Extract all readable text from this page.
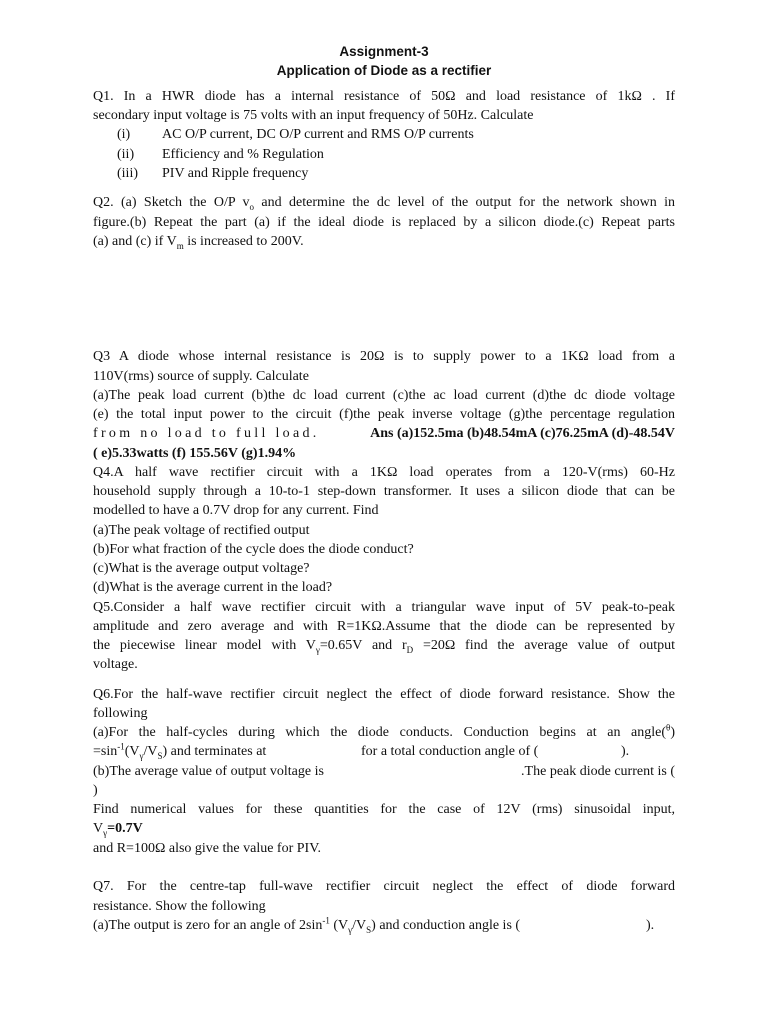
Assignment-3
Application of Diode as a rectifier
Q1. In a HWR diode has a internal resistance of 50Ω and load resistance of 1kΩ . If
secondary input voltage is 75 volts with an input frequency of 50Hz. Calculate
(i) AC O/P current, DC O/P current and RMS O/P currents
(ii) Efficiency and % Regulation
(iii) PIV and Ripple frequency
Q2. (a) Sketch the O/P $v_o$ and determine the dc level of the output for the network shown in
figure.(b) Repeat the part (a) if the ideal diode is replaced by a silicon diode.(c) Repeat parts
(a) and (c) if $V_m$ is increased to 200V.
Q3 A diode whose internal resistance is 20Ω is to supply power to a 1KΩ load from a
110V(rms) source of supply. Calculate
(a)The peak load current (b)the dc load current (c)the ac load current (d)the dc diode voltage
(e) the total input power to the circuit (f)the peak inverse voltage (g)the percentage regulation
from no load to full load.	Ans (a)152.5ma (b)48.54mA (c)76.25mA (d)-48.54V
( e)5.33watts (f) 155.56V (g)1.94%
Q4.A half wave rectifier circuit with a 1KΩ load operates from a 120-V(rms) 60-Hz
household supply through a 10-to-1 step-down transformer. It uses a silicon diode that can be
modelled to have a 0.7V drop for any current. Find
(a)The peak voltage of rectified output
(b)For what fraction of the cycle does the diode conduct?
(c)What is the average output voltage?
(d)What is the average current in the load?
Q5.Consider a half wave rectifier circuit with a triangular wave input of 5V peak-to-peak
amplitude and zero average and with R=1KΩ.Assume that the diode can be represented by
the piecewise linear model with $V_\gamma=0.65V$ and $r_D =20\Omega$ find the average value of output
voltage.
Q6.For the half-wave rectifier circuit neglect the effect of diode forward resistance. Show the
following
(a)For the half-cycles during which the diode conducts. Conduction begins at an angle($^\theta$)
$=\sin^{-1}(V_\gamma/V_S)$ and terminates at	for a total conduction angle of (	).
(b)The average value of output voltage is	.The peak diode current is (
)
Find numerical values for these quantities for the case of 12V (rms) sinusoidal input,
$V_\gamma=0.7V$
and R=100Ω also give the value for PIV.
Q7. For the centre-tap full-wave rectifier circuit neglect the effect of diode forward
resistance. Show the following
(a)The output is zero for an angle of $2\sin^{-1}$ $(V_\gamma/V_S)$ and conduction angle is (	).
